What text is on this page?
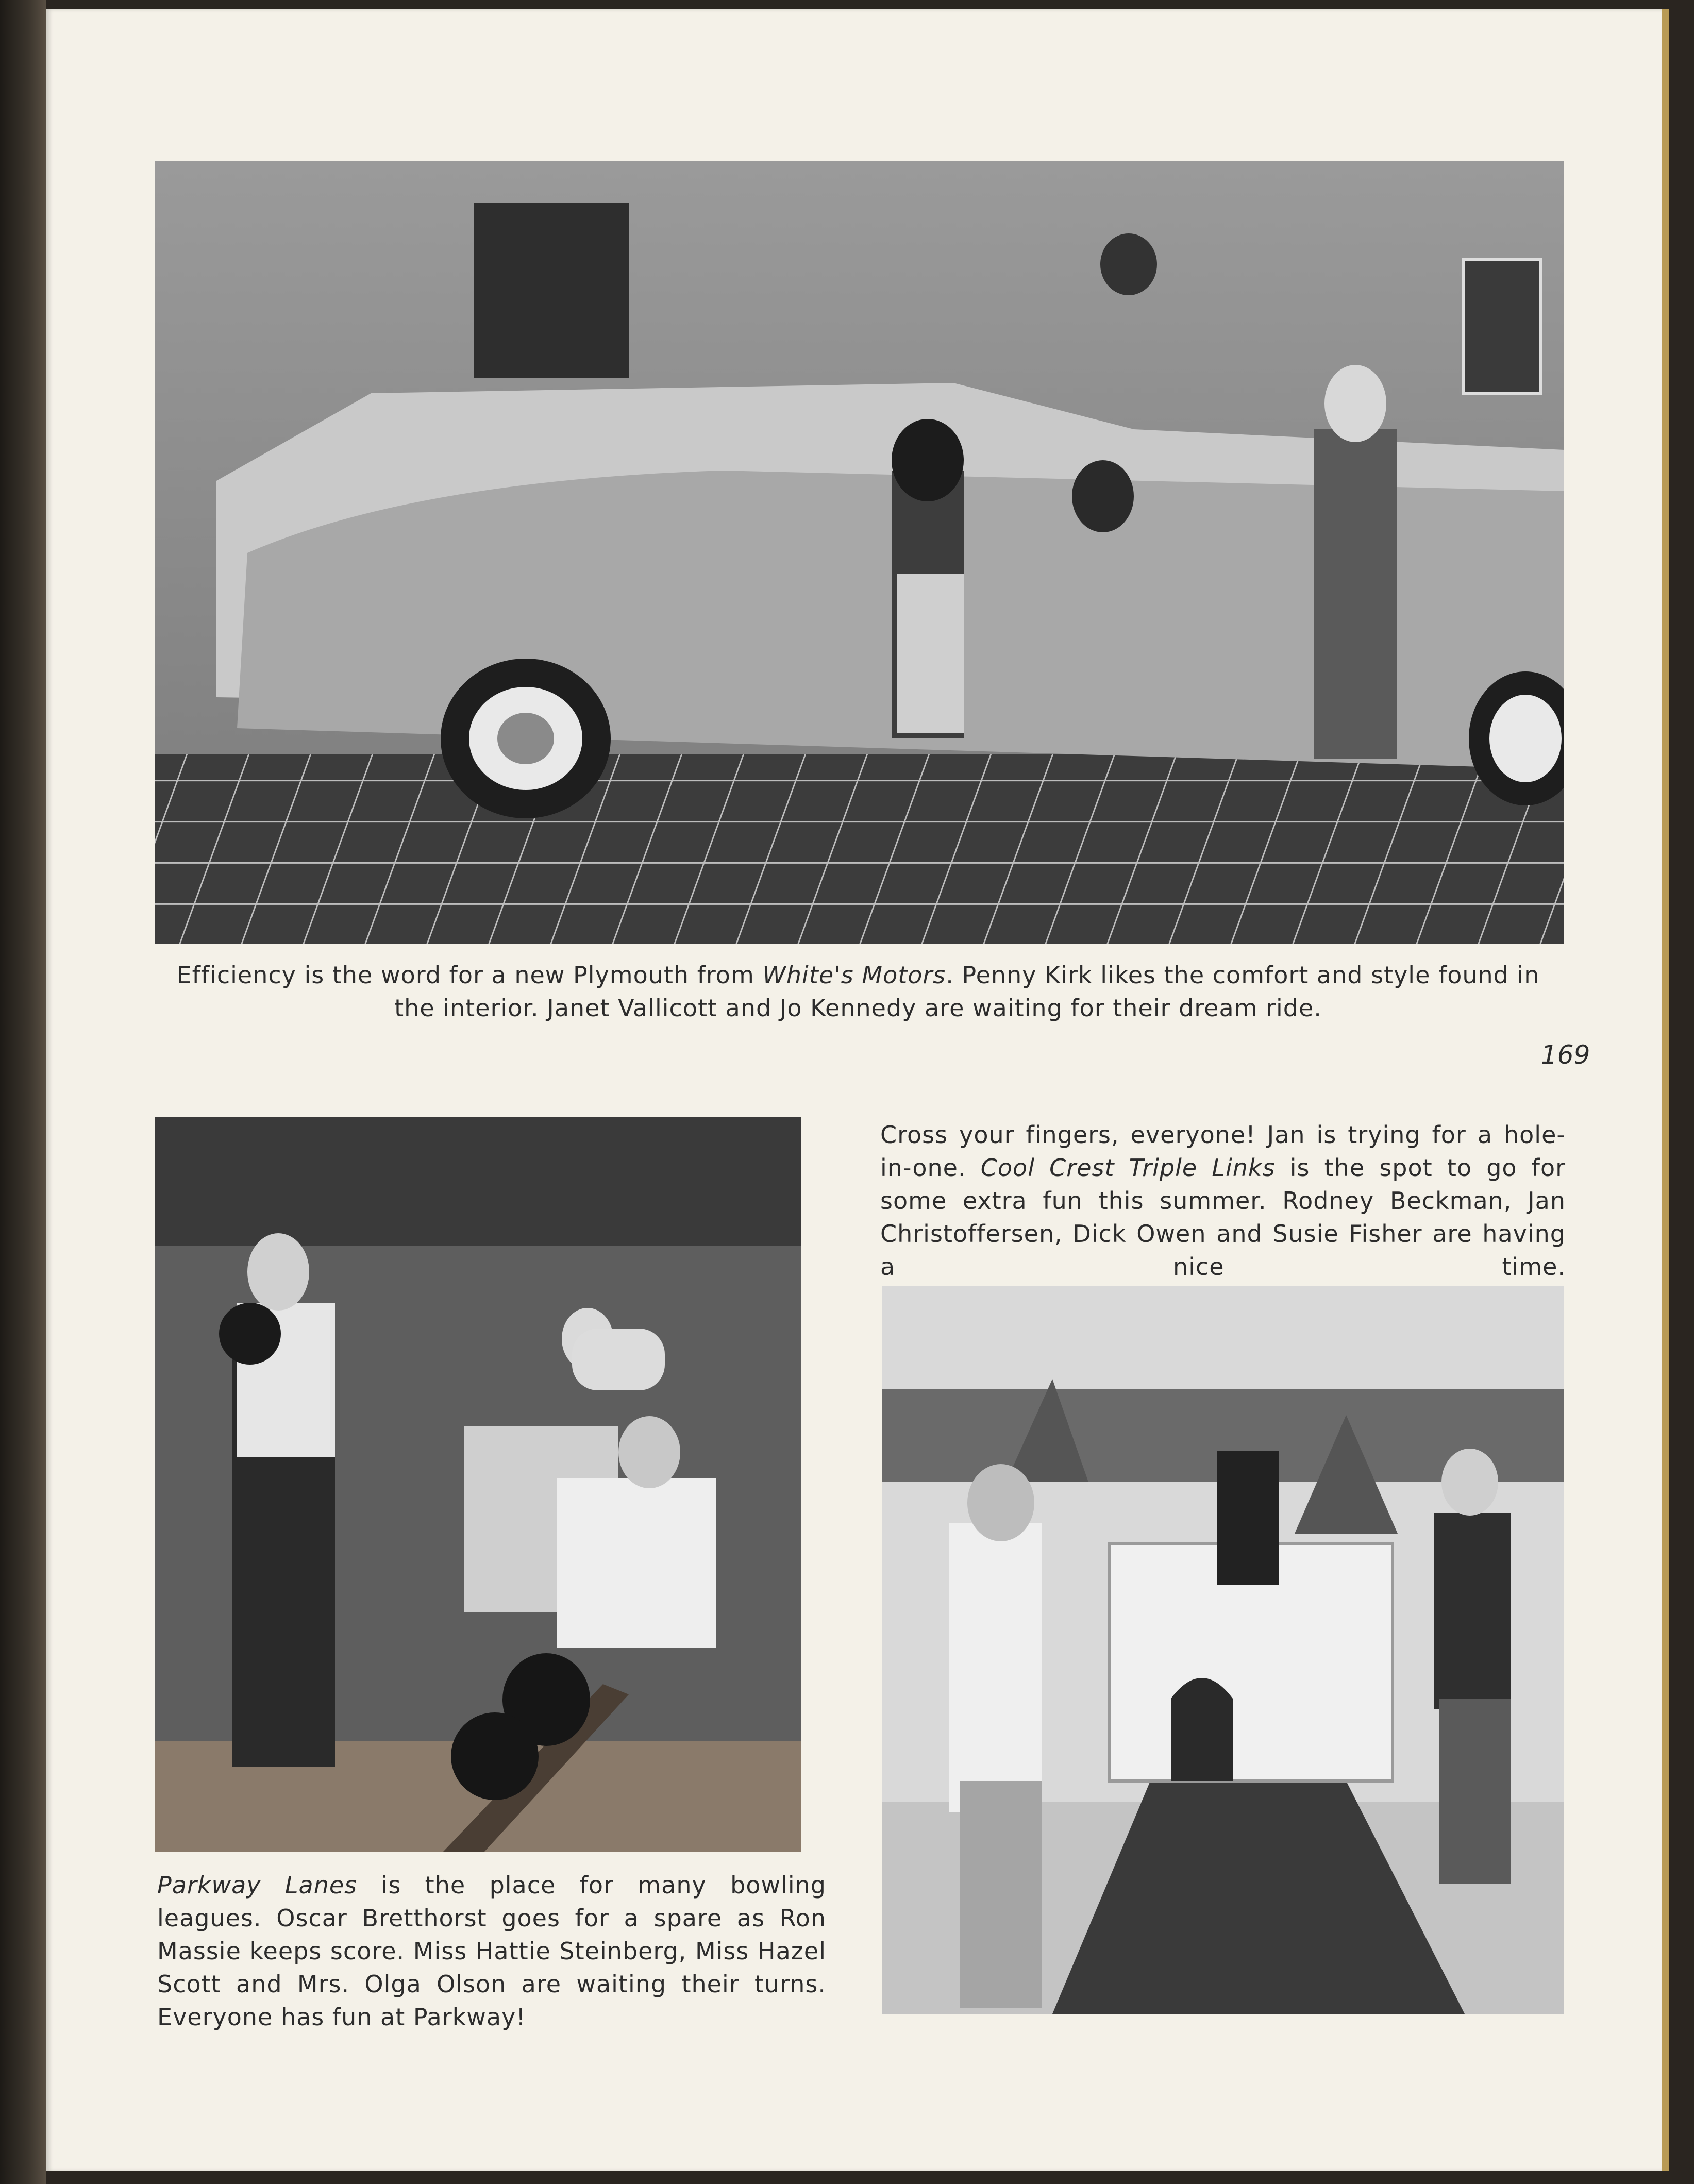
Efficiency is the word for a new Plymouth from White's Motors. Penny Kirk likes the comfort and style found in the interior. Janet Vallicott and Jo Kennedy are waiting for their dream ride.

169

Parkway Lanes is the place for many bowling leagues. Oscar Bretthorst goes for a spare as Ron Massie keeps score. Miss Hattie Steinberg, Miss Hazel Scott and Mrs. Olga Olson are waiting their turns. Everyone has fun at Parkway!

Cross your fingers, everyone! Jan is trying for a hole-in-one. Cool Crest Triple Links is the spot to go for some extra fun this summer. Rodney Beckman, Jan Christoffersen, Dick Owen and Susie Fisher are having a nice time.
